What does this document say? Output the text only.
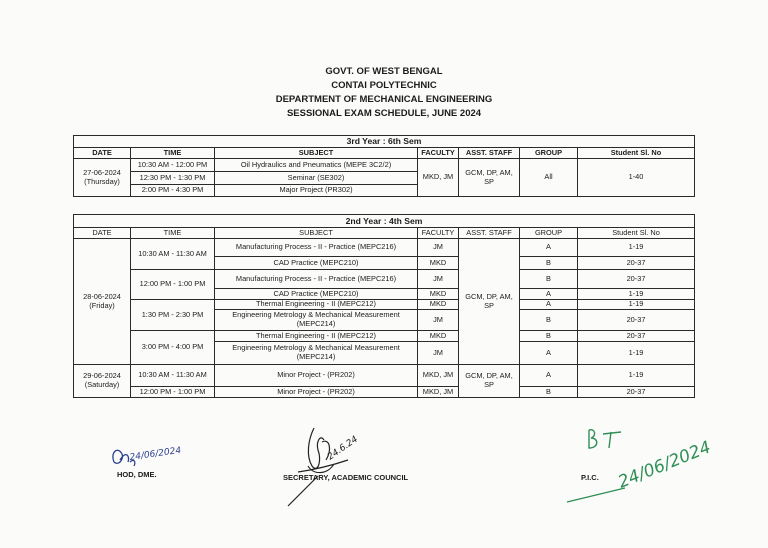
GOVT. OF WEST BENGAL
CONTAI POLYTECHNIC
DEPARTMENT OF MECHANICAL ENGINEERING
SESSIONAL EXAM SCHEDULE, JUNE 2024
3rd Year : 6th Sem						
DATE	TIME	SUBJECT	FACULTY	ASST. STAFF	GROUP	Student Sl. No

27-06-2024
(Thursday)	10:30 AM - 12:00 PM	Oil Hydraulics and Pneumatics (MEPE 3C2/2)	MKD, JM	GCM, DP, AM, SP	All	1-40
	12:30 PM - 1:30 PM	Seminar (SE302)				
	2:00 PM - 4:30 PM	Major Project (PR302)				
2nd Year : 4th Sem						
DATE	TIME	SUBJECT	FACULTY	ASST. STAFF	GROUP	Student Sl. No

28-06-2024
(Friday)	10:30 AM - 11:30 AM	Manufacturing Process - II - Practice (MEPC216)	JM	GCM, DP, AM, SP	A	1-19
		CAD Practice (MEPC210)	MKD		B	20-37
	12:00 PM - 1:00 PM	Manufacturing Process - II - Practice (MEPC216)	JM		B	20-37
		CAD Practice (MEPC210)	MKD		A	1-19
	1:30 PM - 2:30 PM	Thermal Engineering - II (MEPC212)	MKD		A	1-19
		Engineering Metrology & Mechanical Measurement (MEPC214)	JM		B	20-37
	3:00 PM - 4:00 PM	Thermal Engineering - II (MEPC212)	MKD		B	20-37
		Engineering Metrology & Mechanical Measurement (MEPC214)	JM		A	1-19

29-06-2024
(Saturday)	10:30 AM - 11:30 AM	Minor Project - (PR202)	MKD, JM	GCM, DP, AM, SP	A	1-19
	12:00 PM - 1:00 PM	Minor Project - (PR202)	MKD, JM		B	20-37
24/06/2024
HOD, DME.
24.6.24
SECRETARY, ACADEMIC COUNCIL	24/06/2024
P.I.C.
